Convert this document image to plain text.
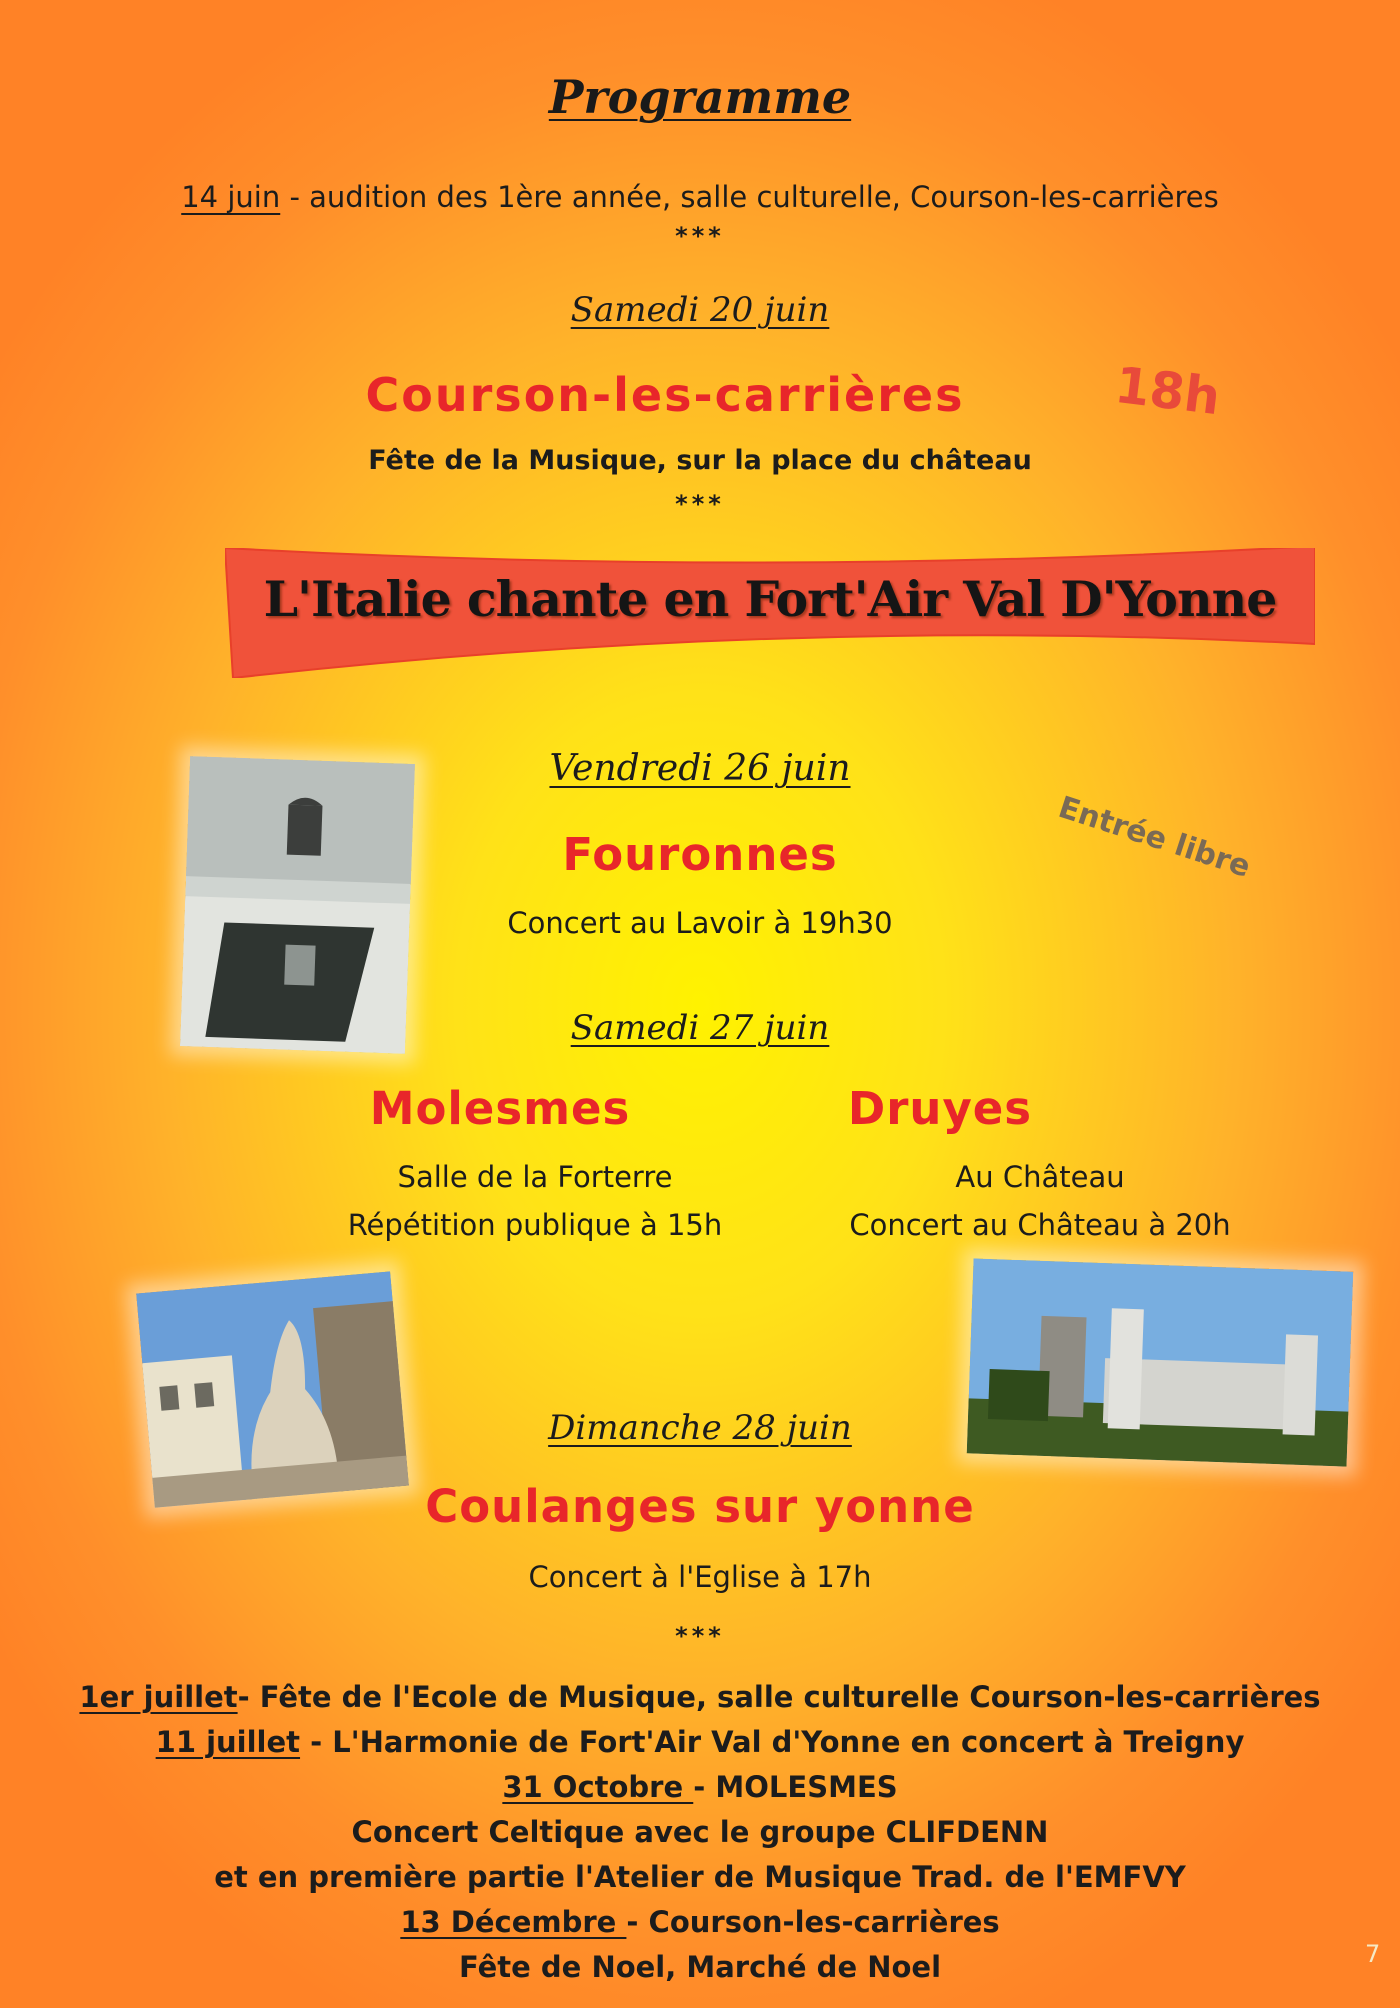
Programme
14 juin - audition des 1ère année, salle culturelle, Courson-les-carrières
***
Samedi 20 juin
Courson-les-carrières	18h
Fête de la Musique, sur la place du château
***
L'Italie chante en Fort'Air Val D'Yonne
Vendredi 26 juin
Entrée libre
Fouronnes
Concert au Lavoir à 19h30
Samedi 27 juin
Molesmes	Druyes
Salle de la Forterre
Répétition publique à 15h
Au Château
Concert au Château à 20h
Dimanche 28 juin
Coulanges sur yonne
Concert à l'Eglise à 17h
***
1er juillet- Fête de l'Ecole de Musique, salle culturelle Courson-les-carrières
11 juillet - L'Harmonie de Fort'Air Val d'Yonne en concert à Treigny
31 Octobre - MOLESMES
Concert Celtique avec le groupe CLIFDENN
et en première partie l'Atelier de Musique Trad. de l'EMFVY
13 Décembre - Courson-les-carrières
Fête de Noel, Marché de Noel	7
